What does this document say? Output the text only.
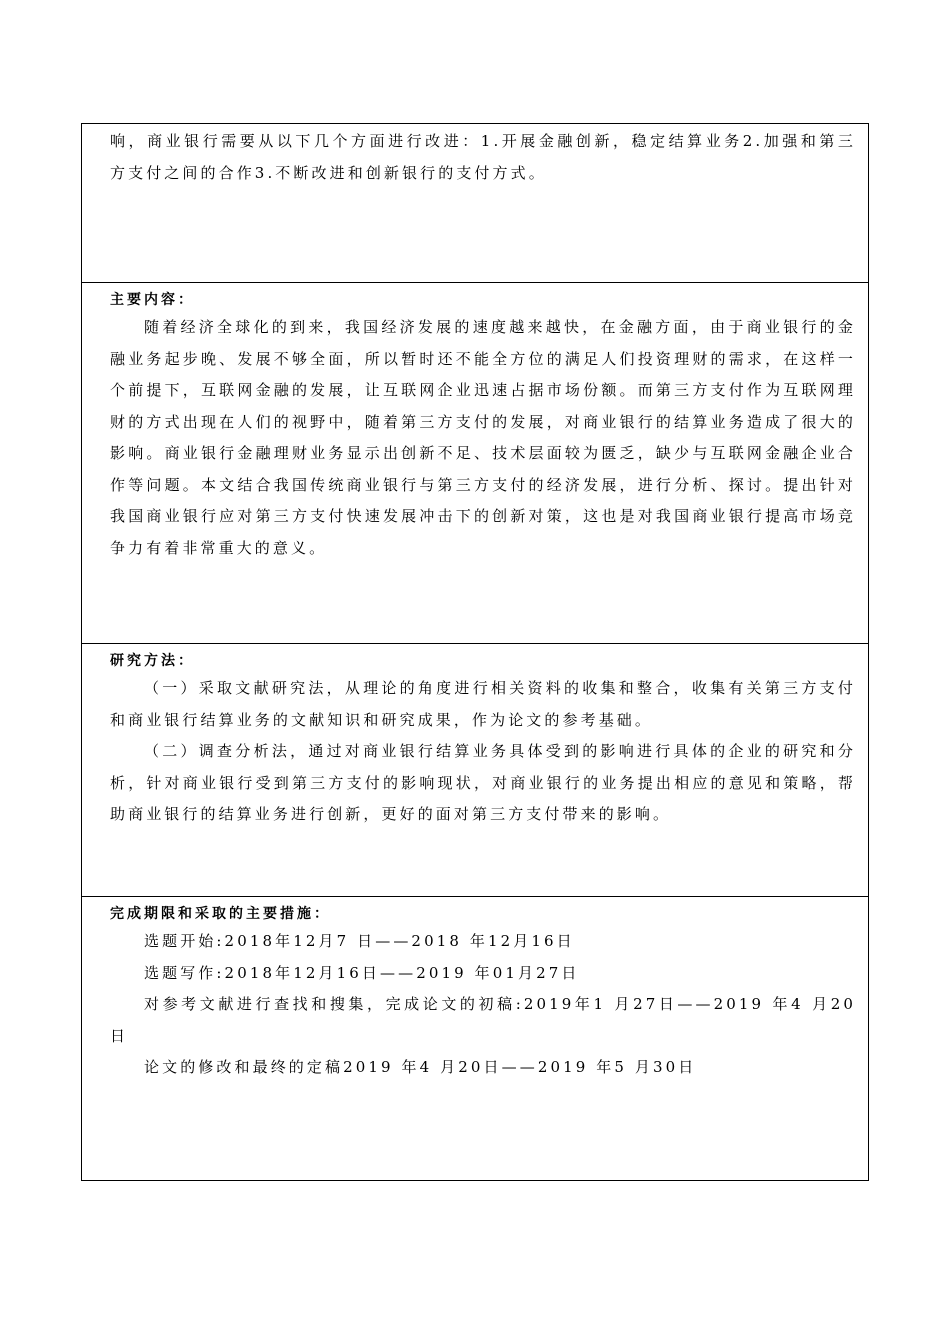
响，商业银行需要从以下几个方面进行改进：1.开展金融创新，稳定结算业务2.加强和第三方支付之间的合作3.不断改进和创新银行的支付方式。

主要内容：

随着经济全球化的到来，我国经济发展的速度越来越快，在金融方面，由于商业银行的金融业务起步晚、发展不够全面，所以暂时还不能全方位的满足人们投资理财的需求，在这样一个前提下，互联网金融的发展，让互联网企业迅速占据市场份额。而第三方支付作为互联网理财的方式出现在人们的视野中，随着第三方支付的发展，对商业银行的结算业务造成了很大的影响。商业银行金融理财业务显示出创新不足、技术层面较为匮乏，缺少与互联网金融企业合作等问题。本文结合我国传统商业银行与第三方支付的经济发展，进行分析、探讨。提出针对我国商业银行应对第三方支付快速发展冲击下的创新对策，这也是对我国商业银行提高市场竞争力有着非常重大的意义。

研究方法：

（一）采取文献研究法，从理论的角度进行相关资料的收集和整合，收集有关第三方支付和商业银行结算业务的文献知识和研究成果，作为论文的参考基础。

（二）调查分析法，通过对商业银行结算业务具体受到的影响进行具体的企业的研究和分析，针对商业银行受到第三方支付的影响现状，对商业银行的业务提出相应的意见和策略，帮助商业银行的结算业务进行创新，更好的面对第三方支付带来的影响。

完成期限和采取的主要措施：

选题开始:2018年12月7 日——2018 年12月16日

选题写作:2018年12月16日——2019 年01月27日

对参考文献进行查找和搜集，完成论文的初稿:2019年1 月27日——2019 年4 月20日

论文的修改和最终的定稿2019 年4 月20日——2019 年5 月30日
